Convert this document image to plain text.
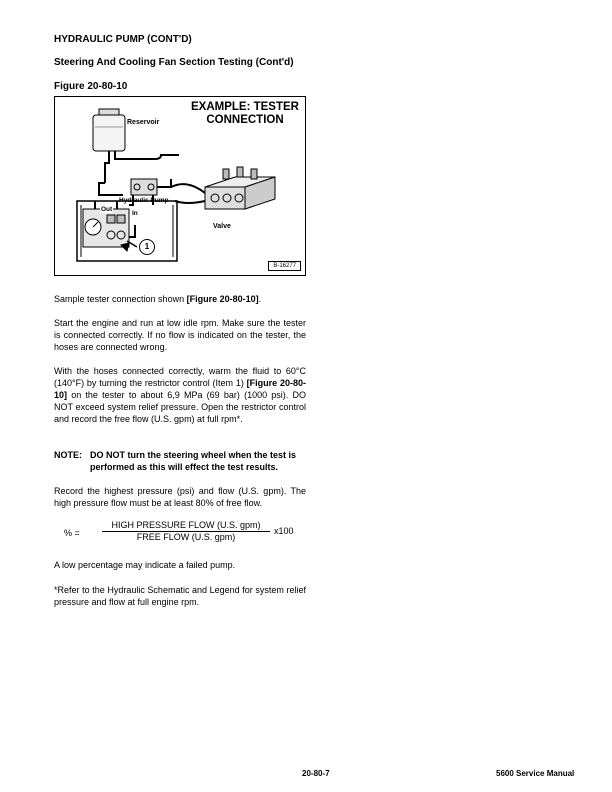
HYDRAULIC PUMP (CONT'D)
Steering And Cooling Fan Section Testing (Cont'd)
Figure 20-80-10
EXAMPLE: TESTER
CONNECTION
Reservoir
Hydraulic Pump
Out
In
Valve
1
B-16277
Sample tester connection shown [Figure 20-80-10].
Start the engine and run at low idle rpm. Make sure the tester is connected correctly. If no flow is indicated on the tester, the hoses are connected wrong.
With the hoses connected correctly, warm the fluid to 60°C (140°F) by turning the restrictor control (Item 1) [Figure 20-80-10] on the tester to about 6,9 MPa (69 bar) (1000 psi). DO NOT exceed system relief pressure. Open the restrictor control and record the free flow (U.S. gpm) at full rpm*.
NOTE: DO NOT turn the steering wheel when the test is performed as this will effect the test results.
Record the highest pressure (psi) and flow (U.S. gpm). The high pressure flow must be at least 80% of free flow.
% =
HIGH PRESSURE FLOW (U.S. gpm)
FREE FLOW (U.S. gpm)
x100
A low percentage may indicate a failed pump.
*Refer to the Hydraulic Schematic and Legend for system relief pressure and flow at full engine rpm.
20-80-7	5600 Service Manual
